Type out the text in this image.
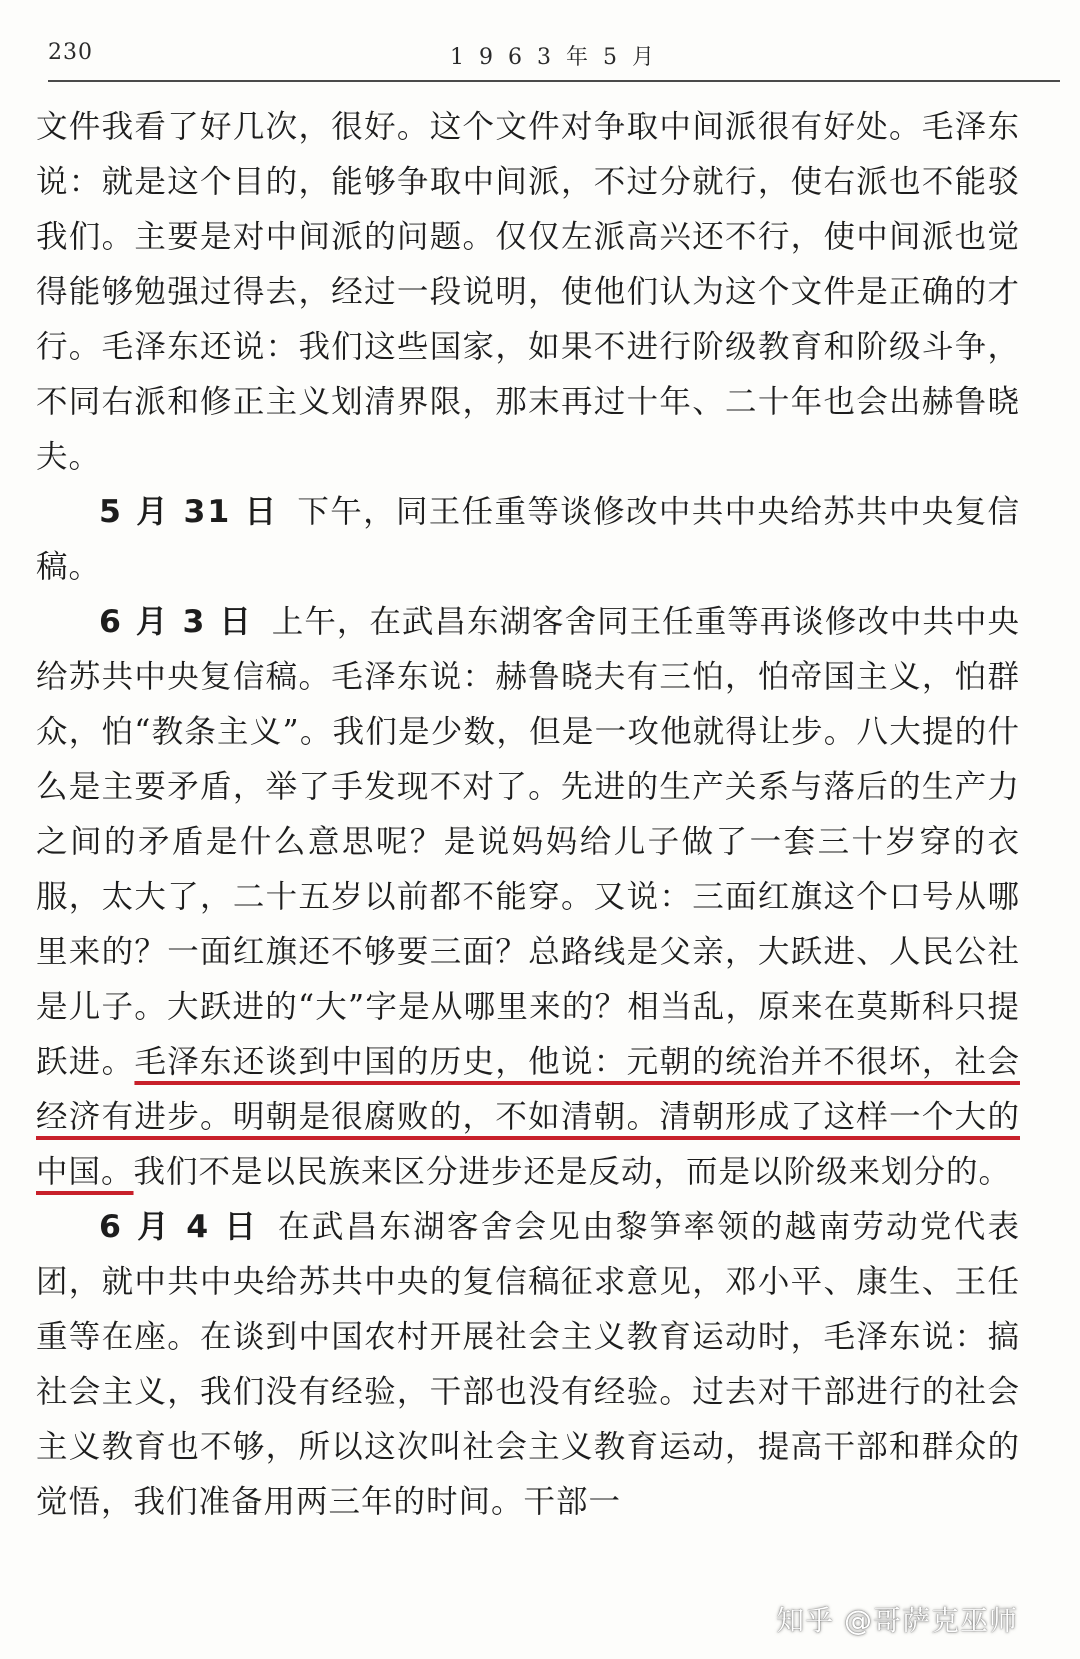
230	1 9 6 3 年 5 月

文件我看了好几次，很好。这个文件对争取中间派很有好处。毛泽东说：就是这个目的，能够争取中间派，不过分就行，使右派也不能驳我们。主要是对中间派的问题。仅仅左派高兴还不行，使中间派也觉得能够勉强过得去，经过一段说明，使他们认为这个文件是正确的才行。毛泽东还说：我们这些国家，如果不进行阶级教育和阶级斗争，不同右派和修正主义划清界限，那末再过十年、二十年也会出赫鲁晓夫。

5 月 31 日 下午，同王任重等谈修改中共中央给苏共中央复信稿。

6 月 3 日 上午，在武昌东湖客舍同王任重等再谈修改中共中央给苏共中央复信稿。毛泽东说：赫鲁晓夫有三怕，怕帝国主义，怕群众，怕“教条主义”。我们是少数，但是一攻他就得让步。八大提的什么是主要矛盾，举了手发现不对了。先进的生产关系与落后的生产力之间的矛盾是什么意思呢？是说妈妈给儿子做了一套三十岁穿的衣服，太大了，二十五岁以前都不能穿。又说：三面红旗这个口号从哪里来的？一面红旗还不够要三面？总路线是父亲，大跃进、人民公社是儿子。大跃进的“大”字是从哪里来的？相当乱，原来在莫斯科只提跃进。毛泽东还谈到中国的历史，他说：元朝的统治并不很坏，社会经济有进步。明朝是很腐败的，不如清朝。清朝形成了这样一个大的中国。我们不是以民族来区分进步还是反动，而是以阶级来划分的。

6 月 4 日 在武昌东湖客舍会见由黎笋率领的越南劳动党代表团，就中共中央给苏共中央的复信稿征求意见，邓小平、康生、王任重等在座。在谈到中国农村开展社会主义教育运动时，毛泽东说：搞社会主义，我们没有经验，干部也没有经验。过去对干部进行的社会主义教育也不够，所以这次叫社会主义教育运动，提高干部和群众的觉悟，我们准备用两三年的时间。干部一

知乎 @哥萨克巫师
